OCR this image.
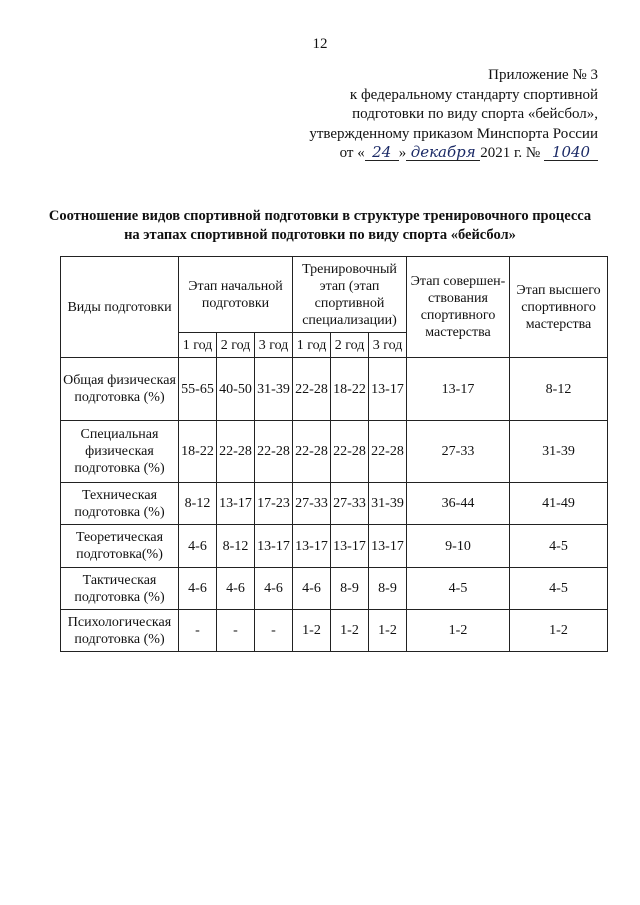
12
Приложение № 3
к федеральному стандарту спортивной
подготовки по виду спорта «бейсбол»,
утвержденному приказом Минспорта России
от « 24 » декабря 2021 г. № 1040
Соотношение видов спортивной подготовки в структуре тренировочного процесса на этапах спортивной подготовки по виду спорта «бейсбол»
Виды подготовки	Этап начальной подготовки			Тренировочный этап (этап спортивной специализации)			Этап совершен-ствования спортивного мастерства	Этап высшего спортивного мастерства
	1 год	2 год	3 год	1 год	2 год	3 год		
Общая физическая подготовка (%)	55-65	40-50	31-39	22-28	18-22	13-17	13-17	8-12
Специальная физическая подготовка (%)	18-22	22-28	22-28	22-28	22-28	22-28	27-33	31-39
Техническая подготовка (%)	8-12	13-17	17-23	27-33	27-33	31-39	36-44	41-49
Теоретическая подготовка(%)	4-6	8-12	13-17	13-17	13-17	13-17	9-10	4-5
Тактическая подготовка (%)	4-6	4-6	4-6	4-6	8-9	8-9	4-5	4-5
Психологическая подготовка (%)	-	-	-	1-2	1-2	1-2	1-2	1-2
